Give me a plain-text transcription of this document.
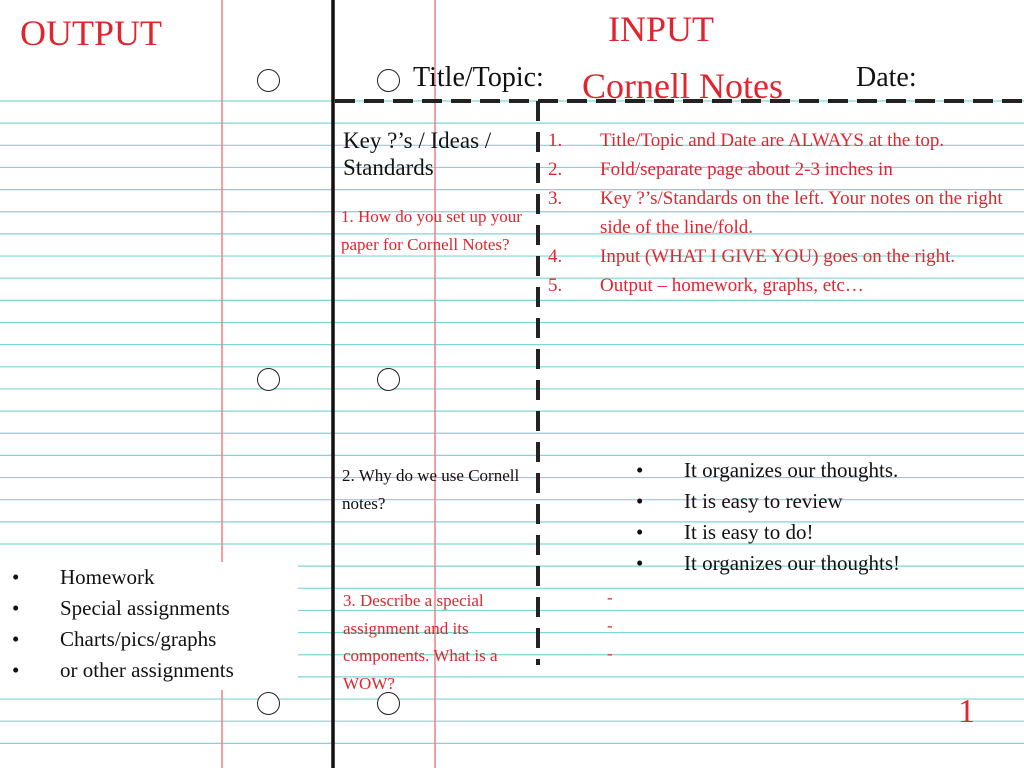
OUTPUT	INPUT
Title/Topic: Cornell Notes	Date:
Key ?’s / Ideas / Standards
1. How do you set up your paper for Cornell Notes?
2. Why do we use Cornell notes?
3. Describe a special assignment and its components. What is a WOW?
1. Title/Topic and Date are ALWAYS at the top.
2. Fold/separate page about 2-3 inches in
3. Key ?’s/Standards on the left. Your notes on the right side of the line/fold.
4. Input (WHAT I GIVE YOU) goes on the right.
5. Output – homework, graphs, etc…
• It organizes our thoughts.
• It is easy to review
• It is easy to do!
• It organizes our thoughts!
-
-
-
• Homework
• Special assignments
• Charts/pics/graphs
• or other assignments
1
